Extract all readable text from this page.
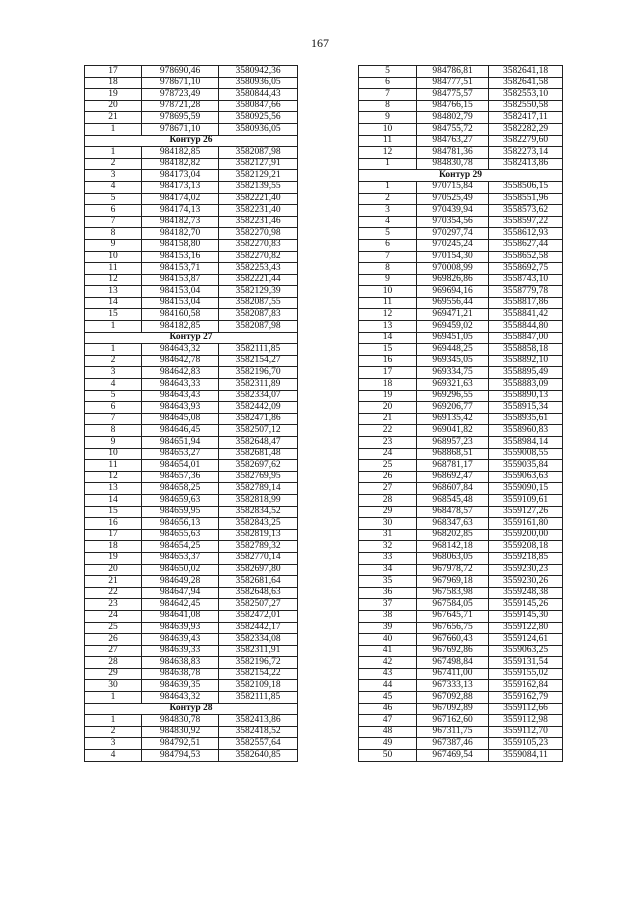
167
17	978690,46	3580942,36
18	978671,10	3580936,05
19	978723,49	3580844,43
20	978721,28	3580847,66
21	978695,59	3580925,56
1	978671,10	3580936,05
Контур 26		
1	984182,85	3582087,98
2	984182,82	3582127,91
3	984173,04	3582129,21
4	984173,13	3582139,55
5	984174,02	3582221,40
6	984174,13	3582231,40
7	984182,73	3582231,46
8	984182,70	3582270,98
9	984158,80	3582270,83
10	984153,16	3582270,82
11	984153,71	3582253,43
12	984153,87	3582221,44
13	984153,04	3582129,39
14	984153,04	3582087,55
15	984160,58	3582087,83
1	984182,85	3582087,98
Контур 27		
1	984643,32	3582111,85
2	984642,78	3582154,27
3	984642,83	3582196,70
4	984643,33	3582311,89
5	984643,43	3582334,07
6	984643,93	3582442,09
7	984645,08	3582471,86
8	984646,45	3582507,12
9	984651,94	3582648,47
10	984653,27	3582681,48
11	984654,01	3582697,62
12	984657,36	3582769,95
13	984658,25	3582789,14
14	984659,63	3582818,99
15	984659,95	3582834,52
16	984656,13	3582843,25
17	984655,63	3582819,13
18	984654,25	3582789,32
19	984653,37	3582770,14
20	984650,02	3582697,80
21	984649,28	3582681,64
22	984647,94	3582648,63
23	984642,45	3582507,27
24	984641,08	3582472,01
25	984639,93	3582442,17
26	984639,43	3582334,08
27	984639,33	3582311,91
28	984638,83	3582196,72
29	984638,78	3582154,22
30	984639,35	3582109,18
1	984643,32	3582111,85
Контур 28		
1	984830,78	3582413,86
2	984830,92	3582418,52
3	984792,51	3582557,64
4	984794,53	3582640,85
5	984786,81	3582641,18
6	984777,51	3582641,58
7	984775,57	3582553,10
8	984766,15	3582550,58
9	984802,79	3582417,11
10	984755,72	3582282,29
11	984763,27	3582279,60
12	984781,36	3582273,14
1	984830,78	3582413,86
Контур 29		
1	970715,84	3558506,15
2	970525,49	3558551,96
3	970439,94	3558573,62
4	970354,56	3558597,22
5	970297,74	3558612,93
6	970245,24	3558627,44
7	970154,30	3558652,58
8	970008,99	3558692,75
9	969826,86	3558743,10
10	969694,16	3558779,78
11	969556,44	3558817,86
12	969471,21	3558841,42
13	969459,02	3558844,80
14	969451,05	3558847,00
15	969448,25	3558858,18
16	969345,05	3558892,10
17	969334,75	3558895,49
18	969321,63	3558883,09
19	969296,55	3558890,13
20	969206,77	3558915,34
21	969135,42	3558935,61
22	969041,82	3558960,83
23	968957,23	3558984,14
24	968868,51	3559008,55
25	968781,17	3559035,84
26	968692,47	3559063,63
27	968607,84	3559090,15
28	968545,48	3559109,61
29	968478,57	3559127,26
30	968347,63	3559161,80
31	968202,85	3559200,00
32	968142,18	3559208,18
33	968063,05	3559218,85
34	967978,72	3559230,23
35	967969,18	3559230,26
36	967583,98	3559248,38
37	967584,05	3559145,26
38	967645,71	3559145,30
39	967656,75	3559122,80
40	967660,43	3559124,61
41	967692,86	3559063,25
42	967498,84	3559131,54
43	967411,00	3559155,02
44	967333,13	3559162,84
45	967092,88	3559162,79
46	967092,89	3559112,66
47	967162,60	3559112,98
48	967311,75	3559112,70
49	967387,46	3559105,23
50	967469,54	3559084,11
